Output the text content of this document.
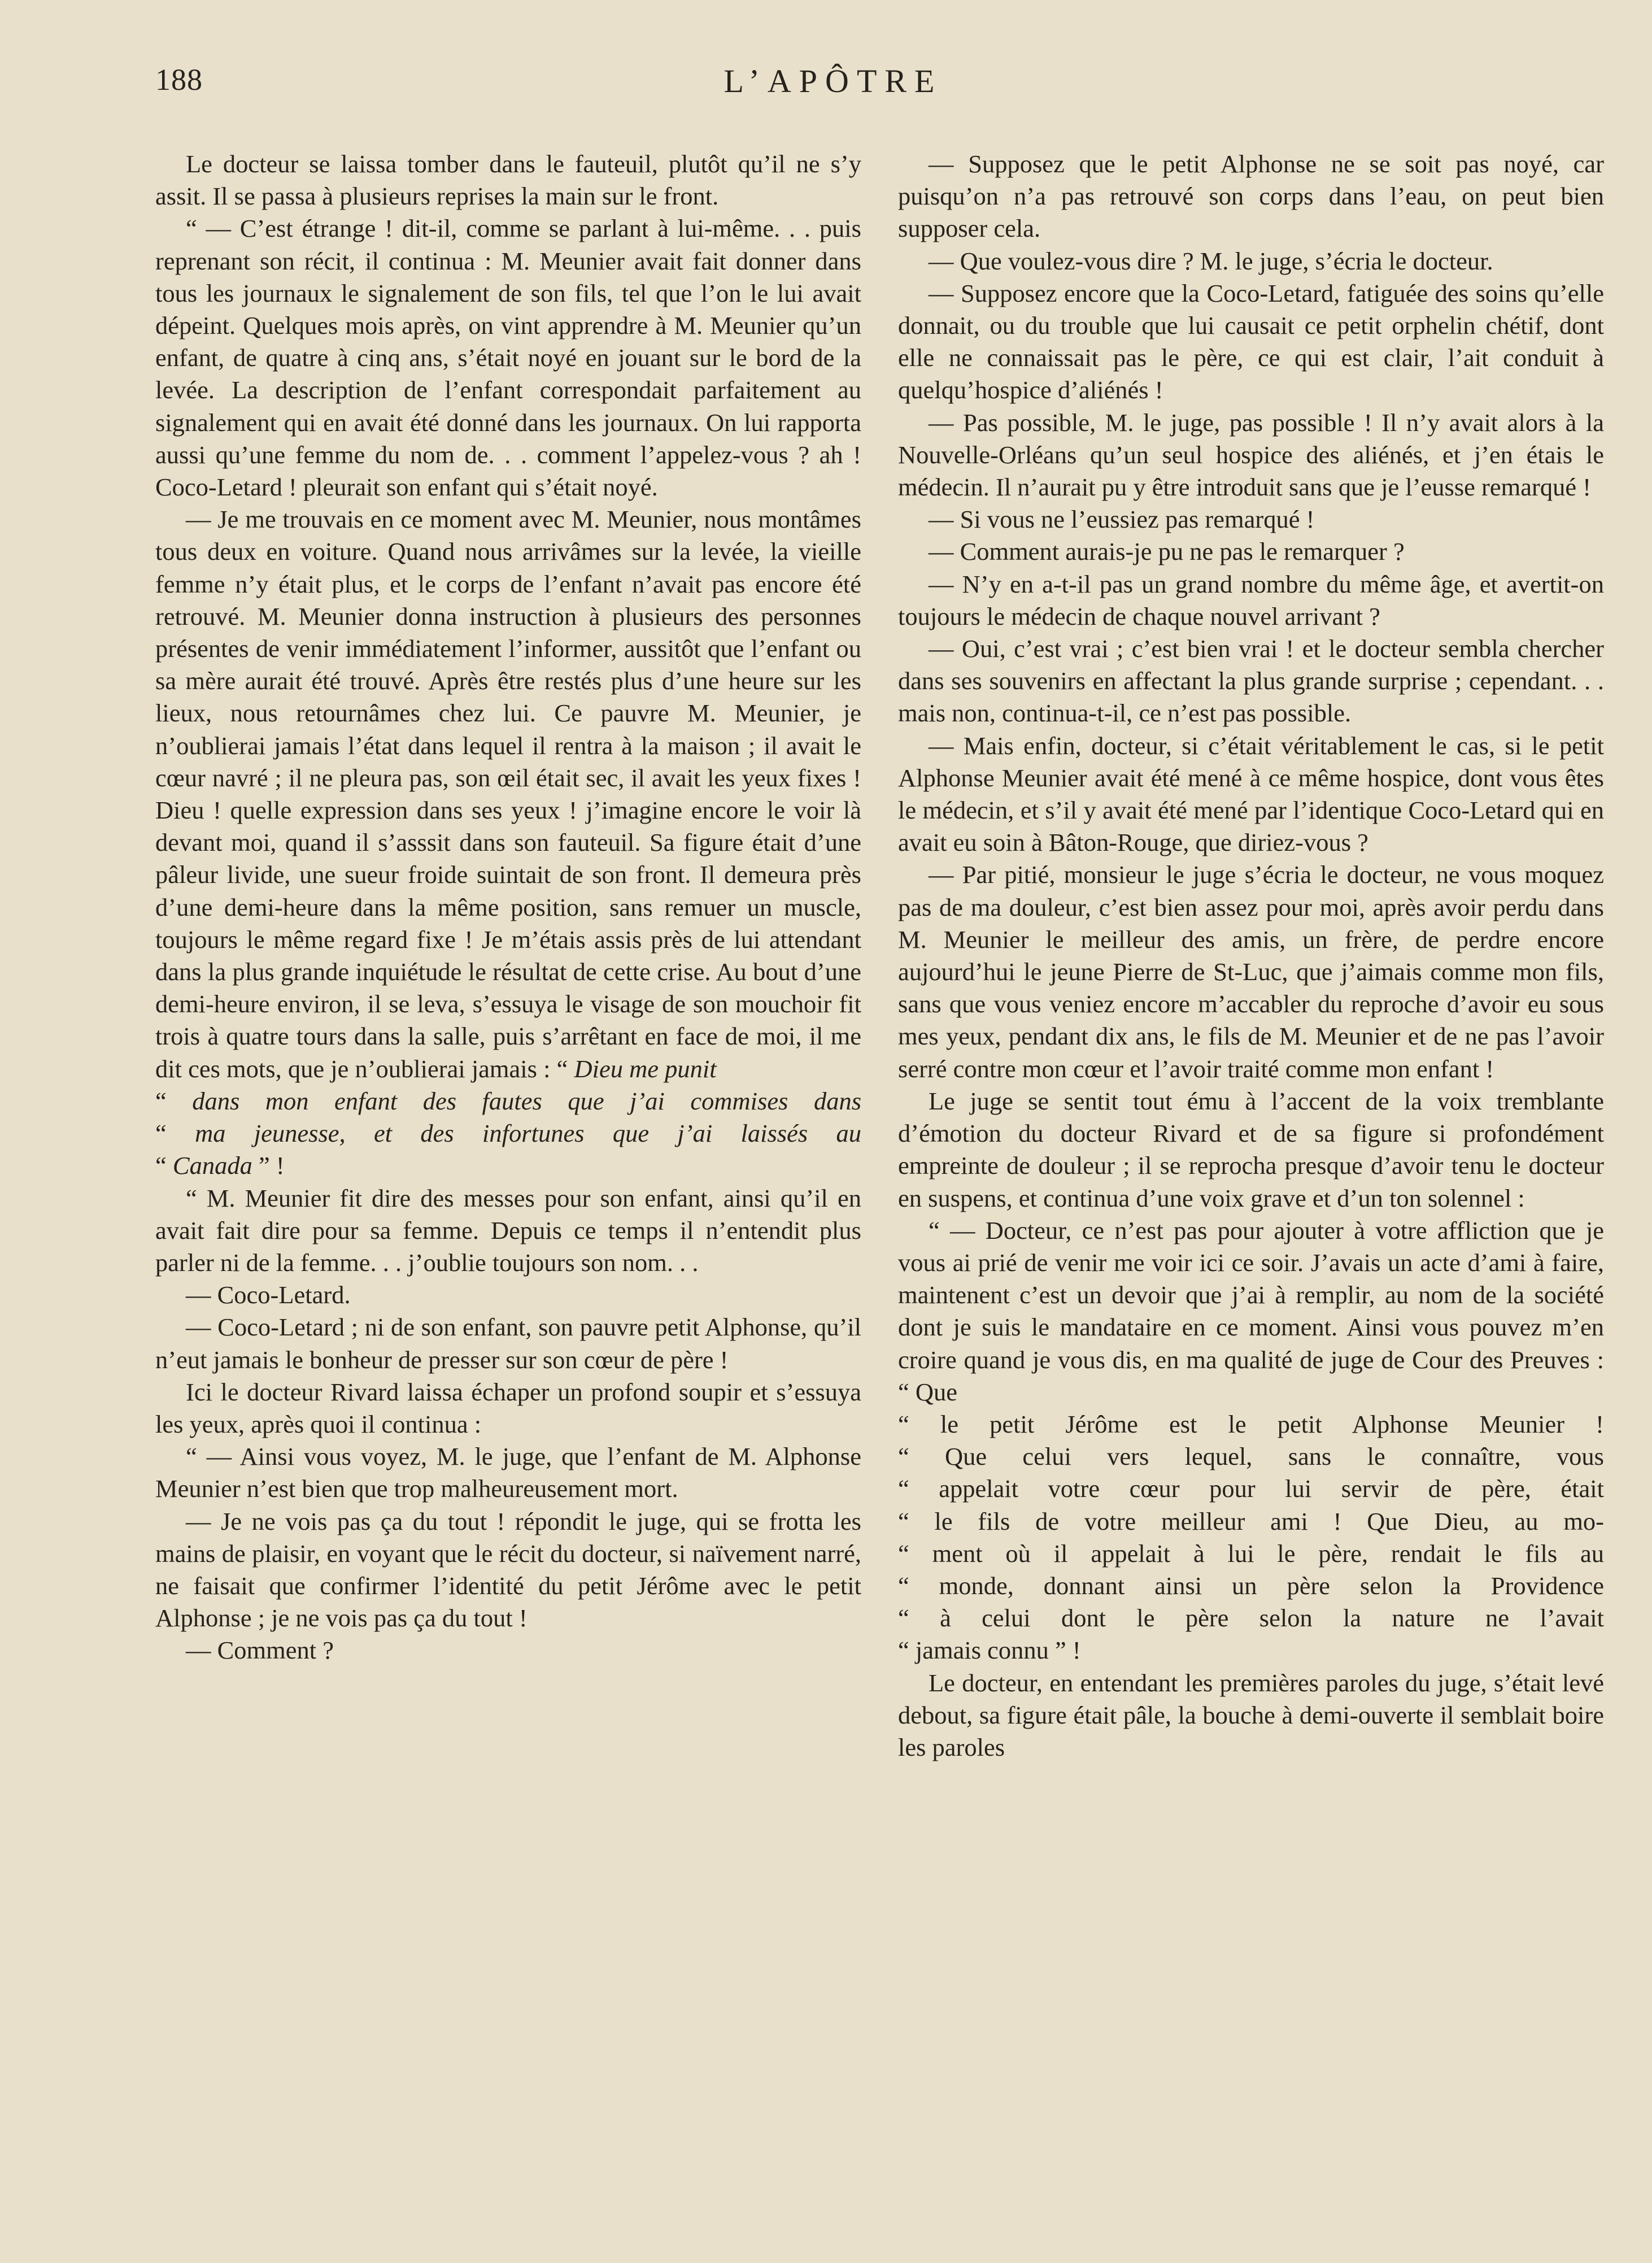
188	L’APÔTRE

Le docteur se laissa tomber dans le fauteuil, plutôt qu’il ne s’y assit. Il se passa à plusieurs reprises la main sur le front.

“ — C’est étrange ! dit-il, comme se parlant à lui-même. . . puis reprenant son récit, il continua : M. Meunier avait fait donner dans tous les journaux le signalement de son fils, tel que l’on le lui avait dépeint. Quelques mois après, on vint apprendre à M. Meunier qu’un enfant, de quatre à cinq ans, s’était noyé en jouant sur le bord de la levée. La description de l’enfant correspondait parfaitement au signalement qui en avait été donné dans les journaux. On lui rapporta aussi qu’une femme du nom de. . . comment l’appelez-vous ? ah ! Coco-Letard ! pleurait son enfant qui s’était noyé.

— Je me trouvais en ce moment avec M. Meunier, nous montâmes tous deux en voiture. Quand nous arrivâmes sur la levée, la vieille femme n’y était plus, et le corps de l’enfant n’avait pas encore été retrouvé. M. Meunier donna instruction à plusieurs des personnes présentes de venir immédiatement l’informer, aussitôt que l’enfant ou sa mère aurait été trouvé. Après être restés plus d’une heure sur les lieux, nous retournâmes chez lui. Ce pauvre M. Meunier, je n’oublierai jamais l’état dans lequel il rentra à la maison ; il avait le cœur navré ; il ne pleura pas, son œil était sec, il avait les yeux fixes ! Dieu ! quelle expression dans ses yeux ! j’imagine encore le voir là devant moi, quand il s’asssit dans son fauteuil. Sa figure était d’une pâleur livide, une sueur froide suintait de son front. Il demeura près d’une demi-heure dans la même position, sans remuer un muscle, toujours le même regard fixe ! Je m’étais assis près de lui attendant dans la plus grande inquiétude le résultat de cette crise. Au bout d’une demi-heure environ, il se leva, s’essuya le visage de son mouchoir fit trois à quatre tours dans la salle, puis s’arrêtant en face de moi, il me dit ces mots, que je n’oublierai jamais : “ Dieu me punit

“ dans mon enfant des fautes que j’ai commises dans

“ ma jeunesse, et des infortunes que j’ai laissés au

“ Canada ” !

“ M. Meunier fit dire des messes pour son enfant, ainsi qu’il en avait fait dire pour sa femme. Depuis ce temps il n’entendit plus parler ni de la femme. . . j’oublie toujours son nom. . .

— Coco-Letard.

— Coco-Letard ; ni de son enfant, son pauvre petit Alphonse, qu’il n’eut jamais le bonheur de presser sur son cœur de père !

Ici le docteur Rivard laissa échaper un profond soupir et s’essuya les yeux, après quoi il continua :

“ — Ainsi vous voyez, M. le juge, que l’enfant de M. Alphonse Meunier n’est bien que trop malheureusement mort.

— Je ne vois pas ça du tout ! répondit le juge, qui se frotta les mains de plaisir, en voyant que le récit du docteur, si naïvement narré, ne faisait que confirmer l’identité du petit Jérôme avec le petit Alphonse ; je ne vois pas ça du tout !

— Comment ?

— Supposez que le petit Alphonse ne se soit pas noyé, car puisqu’on n’a pas retrouvé son corps dans l’eau, on peut bien supposer cela.

— Que voulez-vous dire ? M. le juge, s’écria le docteur.

— Supposez encore que la Coco-Letard, fatiguée des soins qu’elle donnait, ou du trouble que lui causait ce petit orphelin chétif, dont elle ne connaissait pas le père, ce qui est clair, l’ait conduit à quelqu’hospice d’aliénés !

— Pas possible, M. le juge, pas possible ! Il n’y avait alors à la Nouvelle-Orléans qu’un seul hospice des aliénés, et j’en étais le médecin. Il n’aurait pu y être introduit sans que je l’eusse remarqué !

— Si vous ne l’eussiez pas remarqué !

— Comment aurais-je pu ne pas le remarquer ?

— N’y en a-t-il pas un grand nombre du même âge, et avertit-on toujours le médecin de chaque nouvel arrivant ?

— Oui, c’est vrai ; c’est bien vrai ! et le docteur sembla chercher dans ses souvenirs en affectant la plus grande surprise ; cependant. . . mais non, continua-t-il, ce n’est pas possible.

— Mais enfin, docteur, si c’était véritablement le cas, si le petit Alphonse Meunier avait été mené à ce même hospice, dont vous êtes le médecin, et s’il y avait été mené par l’identique Coco-Letard qui en avait eu soin à Bâton-Rouge, que diriez-vous ?

— Par pitié, monsieur le juge s’écria le docteur, ne vous moquez pas de ma douleur, c’est bien assez pour moi, après avoir perdu dans M. Meunier le meilleur des amis, un frère, de perdre encore aujourd’hui le jeune Pierre de St-Luc, que j’aimais comme mon fils, sans que vous veniez encore m’accabler du reproche d’avoir eu sous mes yeux, pendant dix ans, le fils de M. Meunier et de ne pas l’avoir serré contre mon cœur et l’avoir traité comme mon enfant !

Le juge se sentit tout ému à l’accent de la voix tremblante d’émotion du docteur Rivard et de sa figure si profondément empreinte de douleur ; il se reprocha presque d’avoir tenu le docteur en suspens, et continua d’une voix grave et d’un ton solennel :

“ — Docteur, ce n’est pas pour ajouter à votre affliction que je vous ai prié de venir me voir ici ce soir. J’avais un acte d’ami à faire, maintenent c’est un devoir que j’ai à remplir, au nom de la société dont je suis le mandataire en ce moment. Ainsi vous pouvez m’en croire quand je vous dis, en ma qualité de juge de Cour des Preuves : “ Que

“ le petit Jérôme est le petit Alphonse Meunier !

“ Que celui vers lequel, sans le connaître, vous

“ appelait votre cœur pour lui servir de père, était

“ le fils de votre meilleur ami ! Que Dieu, au mo-

“ ment où il appelait à lui le père, rendait le fils au

“ monde, donnant ainsi un père selon la Providence

“ à celui dont le père selon la nature ne l’avait

“ jamais connu ” !

Le docteur, en entendant les premières paroles du juge, s’était levé debout, sa figure était pâle, la bouche à demi-ouverte il semblait boire les paroles
